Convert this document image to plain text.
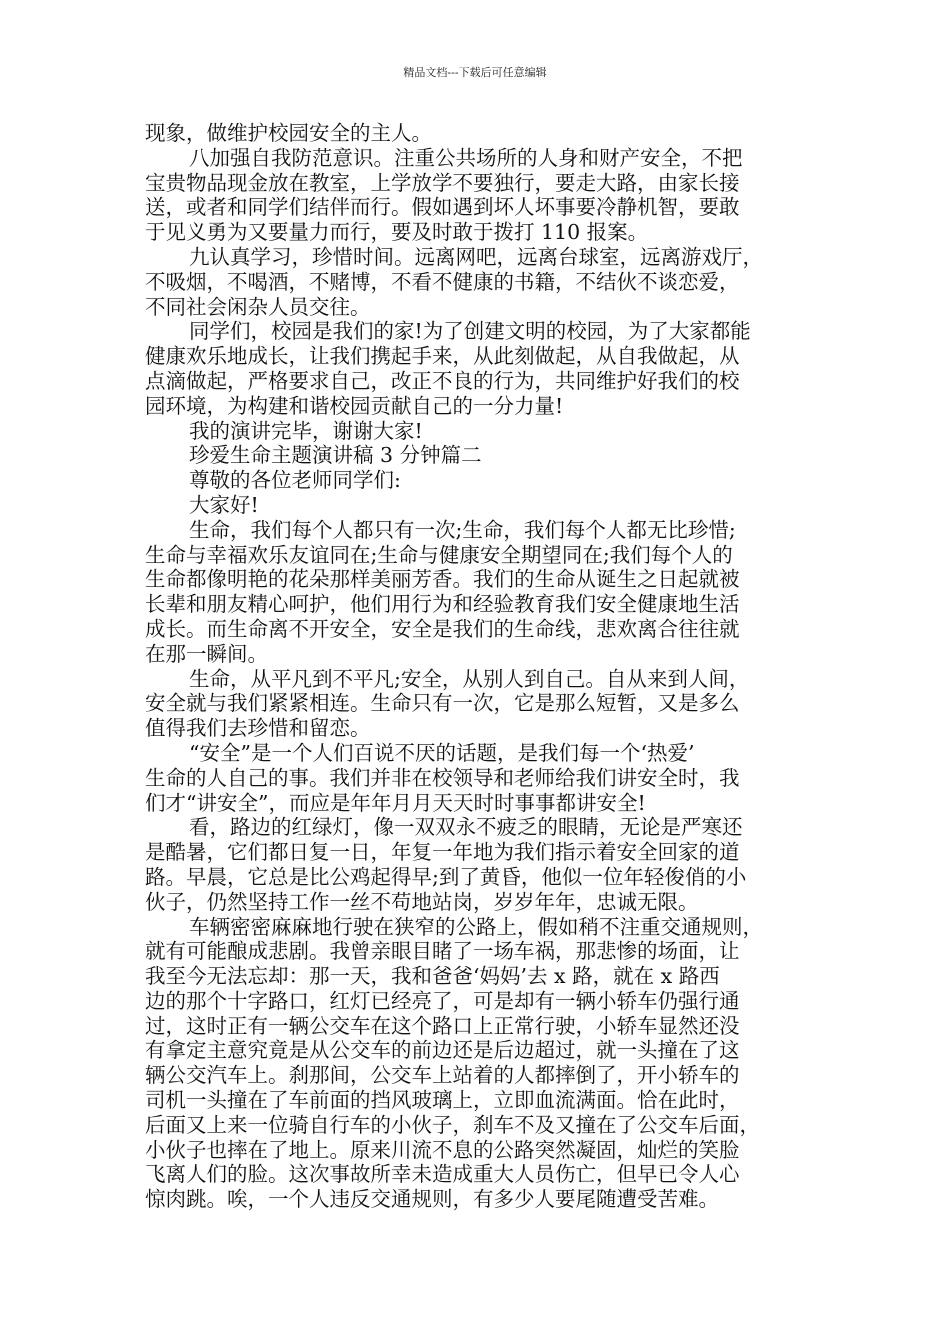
精品文档---下载后可任意编辑

现象，做维护校园安全的主人。

八加强自我防范意识。注重公共场所的人身和财产安全，不把

宝贵物品现金放在教室，上学放学不要独行，要走大路，由家长接

送，或者和同学们结伴而行。假如遇到坏人坏事要冷静机智，要敢

于见义勇为又要量力而行，要及时敢于拨打 110 报案。

九认真学习，珍惜时间。远离网吧，远离台球室，远离游戏厅，

不吸烟，不喝酒，不赌博，不看不健康的书籍，不结伙不谈恋爱，

不同社会闲杂人员交往。

同学们，校园是我们的家!为了创建文明的校园，为了大家都能

健康欢乐地成长，让我们携起手来，从此刻做起，从自我做起，从

点滴做起，严格要求自己，改正不良的行为，共同维护好我们的校

园环境，为构建和谐校园贡献自己的一分力量!

我的演讲完毕，谢谢大家!

珍爱生命主题演讲稿 3 分钟篇二

尊敬的各位老师同学们:

大家好!

生命，我们每个人都只有一次;生命，我们每个人都无比珍惜;

生命与幸福欢乐友谊同在;生命与健康安全期望同在;我们每个人的

生命都像明艳的花朵那样美丽芳香。我们的生命从诞生之日起就被

长辈和朋友精心呵护，他们用行为和经验教育我们安全健康地生活

成长。而生命离不开安全，安全是我们的生命线，悲欢离合往往就

在那一瞬间。

生命，从平凡到不平凡;安全，从别人到自己。自从来到人间，

安全就与我们紧紧相连。生命只有一次，它是那么短暂，又是多么

值得我们去珍惜和留恋。

“安全”是一个人们百说不厌的话题，是我们每一个‘热爱’

生命的人自己的事。我们并非在校领导和老师给我们讲安全时，我

们才“讲安全”，而应是年年月月天天时时事事都讲安全!

看，路边的红绿灯，像一双双永不疲乏的眼睛，无论是严寒还

是酷暑，它们都日复一日，年复一年地为我们指示着安全回家的道

路。早晨，它总是比公鸡起得早;到了黄昏，他似一位年轻俊俏的小

伙子，仍然坚持工作一丝不苟地站岗，岁岁年年，忠诚无限。

车辆密密麻麻地行驶在狭窄的公路上，假如稍不注重交通规则，

就有可能酿成悲剧。我曾亲眼目睹了一场车祸，那悲惨的场面，让

我至今无法忘却：那一天，我和爸爸‘妈妈’去 x 路，就在 x 路西

边的那个十字路口，红灯已经亮了，可是却有一辆小轿车仍强行通

过，这时正有一辆公交车在这个路口上正常行驶，小轿车显然还没

有拿定主意究竟是从公交车的前边还是后边超过，就一头撞在了这

辆公交汽车上。刹那间，公交车上站着的人都摔倒了，开小轿车的

司机一头撞在了车前面的挡风玻璃上，立即血流满面。恰在此时，

后面又上来一位骑自行车的小伙子，刹车不及又撞在了公交车后面，

小伙子也摔在了地上。原来川流不息的公路突然凝固，灿烂的笑脸

飞离人们的脸。这次事故所幸未造成重大人员伤亡，但早已令人心

惊肉跳。唉，一个人违反交通规则，有多少人要尾随遭受苦难。
